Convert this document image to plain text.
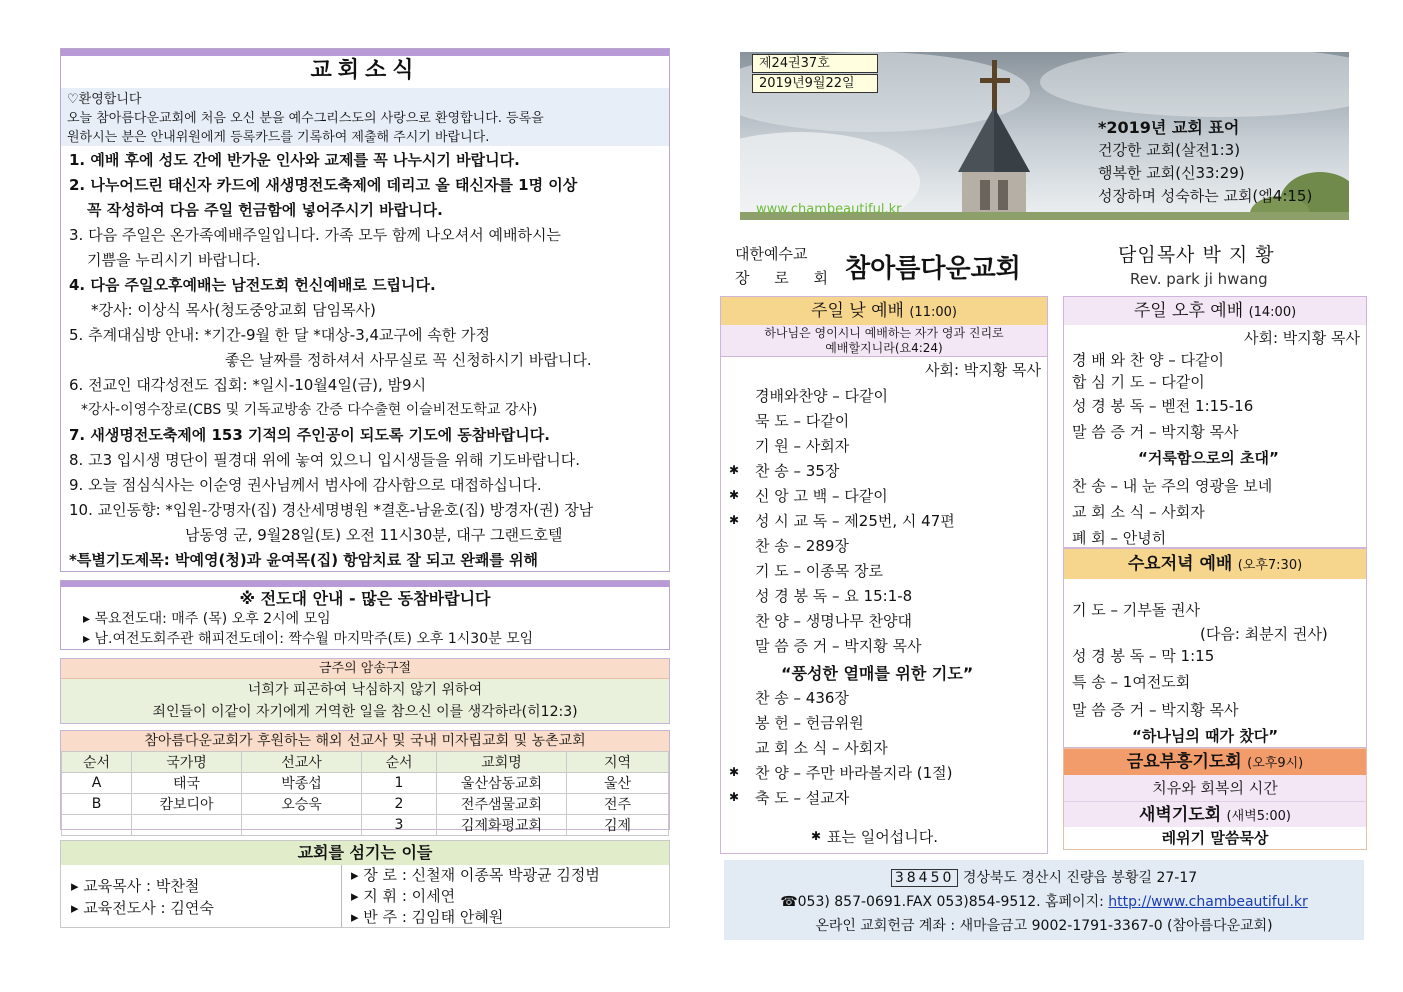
교회소식
♡환영합니다
오늘 참아름다운교회에 처음 오신 분을 예수그리스도의 사랑으로 환영합니다. 등록을
원하시는 분은 안내위원에게 등록카드를 기록하여 제출해 주시기 바랍니다.
1. 예배 후에 성도 간에 반가운 인사와 교제를 꼭 나누시기 바랍니다.
2. 나누어드린 태신자 카드에 새생명전도축제에 데리고 올 태신자를 1명 이상
꼭 작성하여 다음 주일 헌금함에 넣어주시기 바랍니다.
3. 다음 주일은 온가족예배주일입니다. 가족 모두 함께 나오셔서 예배하시는
기쁨을 누리시기 바랍니다.
4. 다음 주일오후예배는 남전도회 헌신예배로 드립니다.
*강사: 이상식 목사(청도중앙교회 담임목사)
5. 추계대심방 안내: *기간-9월 한 달 *대상-3,4교구에 속한 가정
좋은 날짜를 정하셔서 사무실로 꼭 신청하시기 바랍니다.
6. 전교인 대각성전도 집회: *일시-10월4일(금), 밤9시
*강사-이영수장로(CBS 및 기독교방송 간증 다수출현 이슬비전도학교 강사)
7. 새생명전도축제에 153 기적의 주인공이 되도록 기도에 동참바랍니다.
8. 고3 입시생 명단이 필경대 위에 놓여 있으니 입시생들을 위해 기도바랍니다.
9. 오늘 점심식사는 이순영 권사님께서 범사에 감사함으로 대접하십니다.
10. 교인동향: *입원-강명자(집) 경산세명병원 *결혼-남윤호(집) 방경자(권) 장남
남동영 군, 9월28일(토) 오전 11시30분, 대구 그랜드호텔
*특별기도제목: 박예영(청)과 윤여목(집) 항암치료 잘 되고 완쾌를 위해
※ 전도대 안내 - 많은 동참바랍니다
▸ 목요전도대: 매주 (목) 오후 2시에 모임
▸ 남.여전도회주관 해피전도데이: 짝수월 마지막주(토) 오후 1시30분 모임
금주의 암송구절
너희가 피곤하여 낙심하지 않기 위하여
죄인들이 이같이 자기에게 거역한 일을 참으신 이를 생각하라(히12:3)
참아름다운교회가 후원하는 해외 선교사 및 국내 미자립교회 및 농촌교회
순서	국가명	선교사	순서	교회명	지역
A	태국	박종섭	1	울산삼동교회	울산
B	캄보디아	오승욱	2	전주샘물교회	전주
			3	김제화평교회	김제
교회를 섬기는 이들
▸ 교육목사 : 박찬철
▸ 교육전도사 : 김연숙
▸ 장 로 : 신철재 이종목 박광균 김정범
▸ 지 휘 : 이세연
▸ 반 주 : 김임태 안혜원
제24권37호
2019년9월22일
www.chambeautiful.kr
*2019년 교회 표어
건강한 교회(살전1:3)
행복한 교회(신33:29)
성장하며 성숙하는 교회(엡4:15)
대한예수교
장 로 회 참아름다운교회	담임목사 박 지 황
Rev. park ji hwang
주일 낮 예배 (11:00)
하나님은 영이시니 예배하는 자가 영과 진리로
예배할지니라(요4:24)
사회: 박지황 목사
경배와찬양 – 다같이
묵 도 – 다같이
기 원 – 사회자
✱ 찬 송 – 35장
✱ 신 앙 고 백 – 다같이
✱ 성 시 교 독 – 제25번, 시 47편
찬 송 – 289장
기 도 – 이종목 장로
성 경 봉 독 – 요 15:1-8
찬 양 – 생명나무 찬양대
말 씀 증 거 – 박지황 목사
“풍성한 열매를 위한 기도”
찬 송 – 436장
봉 헌 – 헌금위원
교 회 소 식 – 사회자
✱ 찬 양 – 주만 바라볼지라 (1절)
✱ 축 도 – 설교자
✱ 표는 일어섭니다.
주일 오후 예배 (14:00)
사회: 박지황 목사
경 배 와 찬 양 – 다같이
합 심 기 도 – 다같이
성 경 봉 독 – 벧전 1:15-16
말 씀 증 거 – 박지황 목사
“거룩함으로의 초대”
찬 송 – 내 눈 주의 영광을 보네
교 회 소 식 – 사회자
폐 회 – 안녕히
수요저녁 예배 (오후7:30)
기 도 – 기부돌 권사
(다음: 최분지 권사)
성 경 봉 독 – 막 1:15
특 송 – 1여전도회
말 씀 증 거 – 박지황 목사
“하나님의 때가 찼다”
금요부흥기도회 (오후9시)
치유와 회복의 시간
새벽기도회 (새벽5:00)
레위기 말씀묵상
38450 경상북도 경산시 진량읍 봉황길 27-17
☎053) 857-0691.FAX 053)854-9512. 홈페이지: http://www.chambeautiful.kr
온라인 교회헌금 계좌 : 새마을금고 9002-1791-3367-0 (참아름다운교회)
